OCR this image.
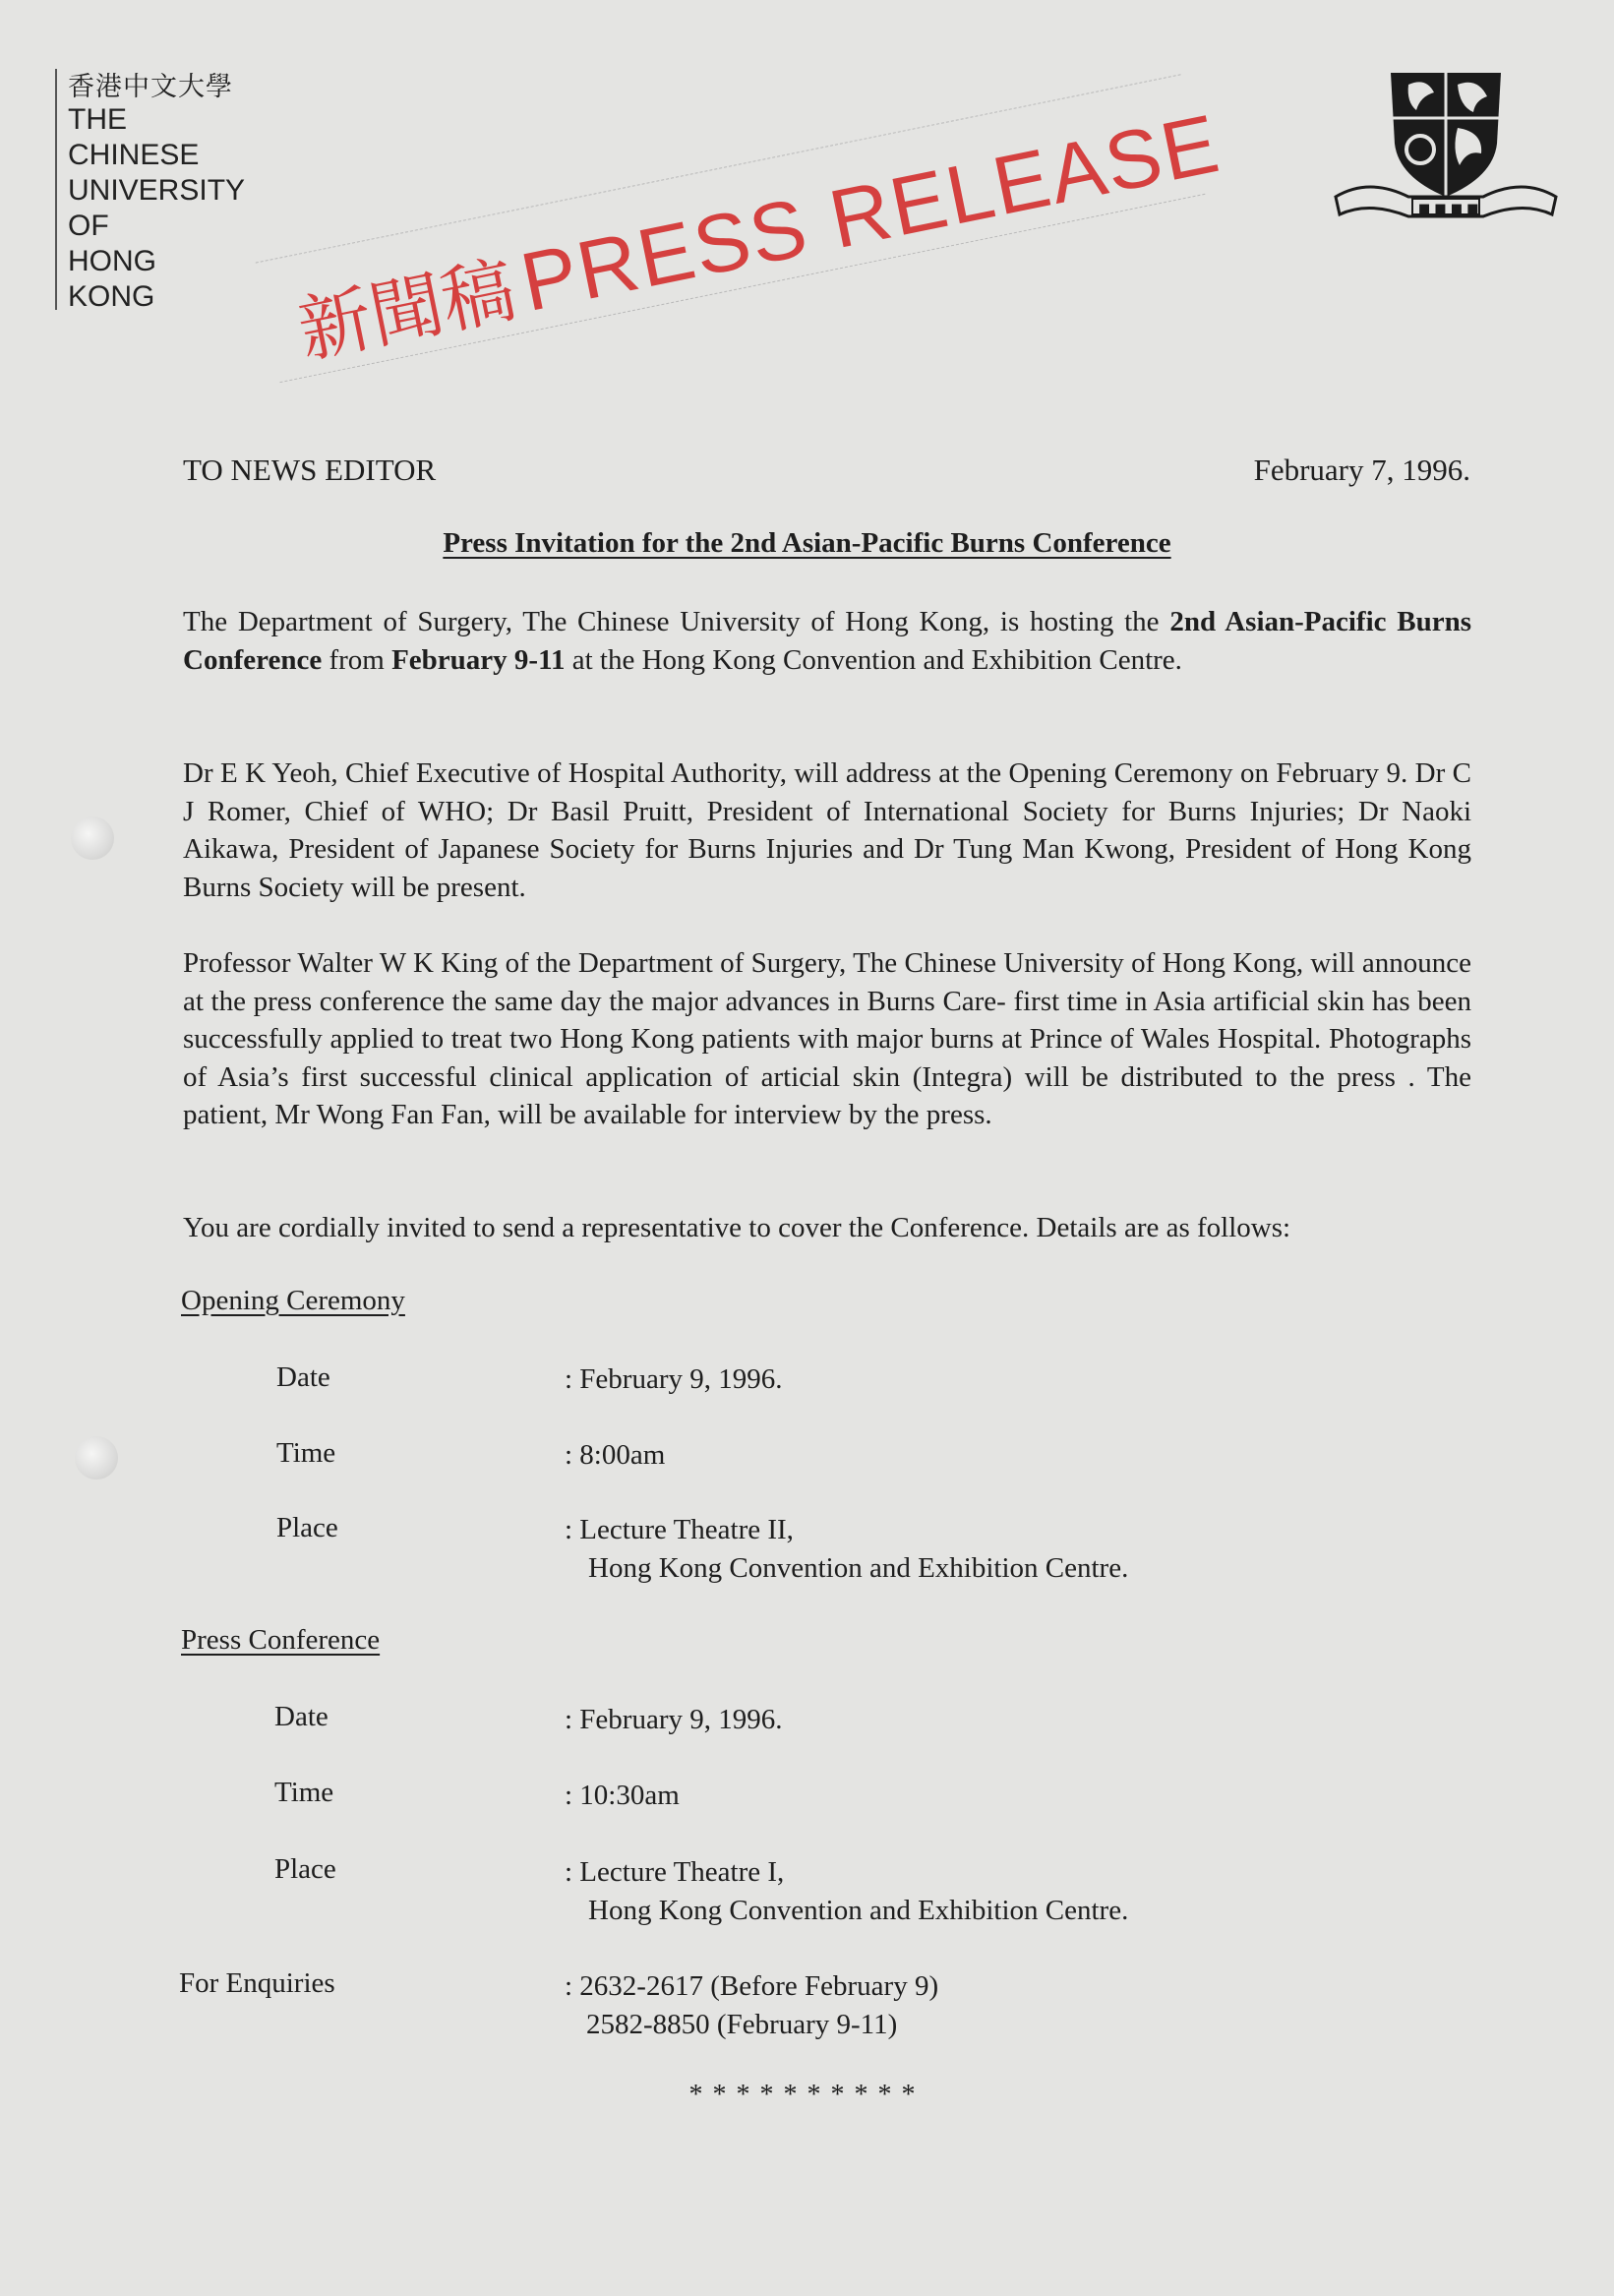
香港中文大學
THE
CHINESE
UNIVERSITY
OF
HONG
KONG
■ ■ ■ ■
新聞稿PRESS RELEASE
TO NEWS EDITOR	February 7, 1996.
Press Invitation for the 2nd Asian-Pacific Burns Conference
The Department of Surgery, The Chinese University of Hong Kong, is hosting the 2nd Asian-Pacific Burns Conference from February 9-11 at the Hong Kong Convention and Exhibition Centre.
Dr E K Yeoh, Chief Executive of Hospital Authority, will address at the Opening Ceremony on February 9. Dr C J Romer, Chief of WHO; Dr Basil Pruitt, President of International Society for Burns Injuries; Dr Naoki Aikawa, President of Japanese Society for Burns Injuries and Dr Tung Man Kwong, President of Hong Kong Burns Society will be present.
Professor Walter W K King of the Department of Surgery, The Chinese University of Hong Kong, will announce at the press conference the same day the major advances in Burns Care- first time in Asia artificial skin has been successfully applied to treat two Hong Kong patients with major burns at Prince of Wales Hospital. Photographs of Asia’s first successful clinical application of articial skin (Integra) will be distributed to the press . The patient, Mr Wong Fan Fan, will be available for interview by the press.
You are cordially invited to send a representative to cover the Conference. Details are as follows:
Opening Ceremony
Date	: February 9, 1996.
Time	: 8:00am
Place	: Lecture Theatre II,
Hong Kong Convention and Exhibition Centre.
Press Conference
Date	: February 9, 1996.
Time	: 10:30am
Place	: Lecture Theatre I,
Hong Kong Convention and Exhibition Centre.
For Enquiries	: 2632-2617 (Before February 9)
2582-8850 (February 9-11)
**********
